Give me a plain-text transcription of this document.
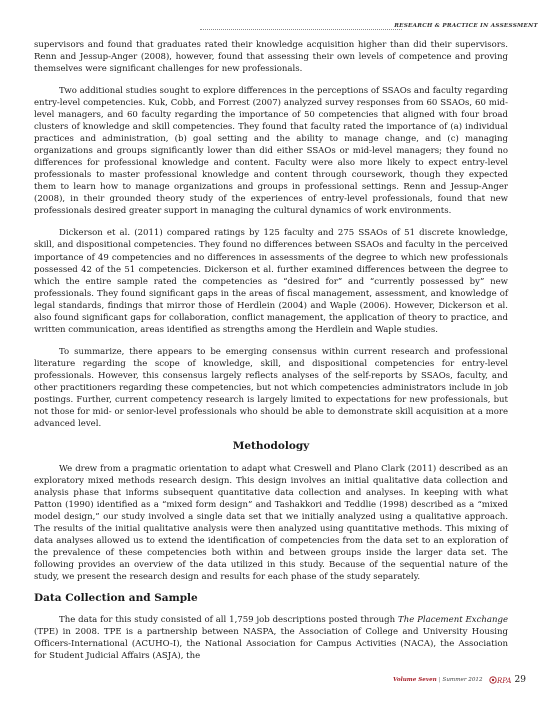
RESEARCH & PRACTICE IN ASSESSMENT

supervisors and found that graduates rated their knowledge acquisition higher than did their supervisors. Renn and Jessup-Anger (2008), however, found that assessing their own levels of competence and proving themselves were significant challenges for new professionals.

Two additional studies sought to explore differences in the perceptions of SSAOs and faculty regarding entry-level competencies. Kuk, Cobb, and Forrest (2007) analyzed survey responses from 60 SSAOs, 60 mid-level managers, and 60 faculty regarding the importance of 50 competencies that aligned with four broad clusters of knowledge and skill competencies. They found that faculty rated the importance of (a) individual practices and administration, (b) goal setting and the ability to manage change, and (c) managing organizations and groups significantly lower than did either SSAOs or mid-level managers; they found no differences for professional knowledge and content. Faculty were also more likely to expect entry-level professionals to master professional knowledge and content through coursework, though they expected them to learn how to manage organizations and groups in professional settings. Renn and Jessup-Anger (2008), in their grounded theory study of the experiences of entry-level professionals, found that new professionals desired greater support in managing the cultural dynamics of work environments.

Dickerson et al. (2011) compared ratings by 125 faculty and 275 SSAOs of 51 discrete knowledge, skill, and dispositional competencies. They found no differences between SSAOs and faculty in the perceived importance of 49 competencies and no differences in assessments of the degree to which new professionals possessed 42 of the 51 competencies. Dickerson et al. further examined differences between the degree to which the entire sample rated the competencies as “desired for” and “currently possessed by” new professionals. They found significant gaps in the areas of fiscal management, assessment, and knowledge of legal standards, findings that mirror those of Herdlein (2004) and Waple (2006). However, Dickerson et al. also found significant gaps for collaboration, conflict management, the application of theory to practice, and written communication, areas identified as strengths among the Herdlein and Waple studies.

To summarize, there appears to be emerging consensus within current research and professional literature regarding the scope of knowledge, skill, and dispositional competencies for entry-level professionals. However, this consensus largely reflects analyses of the self-reports by SSAOs, faculty, and other practitioners regarding these competencies, but not which competencies administrators include in job postings. Further, current competency research is largely limited to expectations for new professionals, but not those for mid- or senior-level professionals who should be able to demonstrate skill acquisition at a more advanced level.

Methodology

We drew from a pragmatic orientation to adapt what Creswell and Plano Clark (2011) described as an exploratory mixed methods research design. This design involves an initial qualitative data collection and analysis phase that informs subsequent quantitative data collection and analyses. In keeping with what Patton (1990) identified as a “mixed form design” and Tashakkori and Teddlie (1998) described as a “mixed model design,” our study involved a single data set that we initially analyzed using a qualitative approach. The results of the initial qualitative analysis were then analyzed using quantitative methods. This mixing of data analyses allowed us to extend the identification of competencies from the data set to an exploration of the prevalence of these competencies both within and between groups inside the larger data set. The following provides an overview of the data utilized in this study. Because of the sequential nature of the study, we present the research design and results for each phase of the study separately.

Data Collection and Sample

The data for this study consisted of all 1,759 job descriptions posted through The Placement Exchange (TPE) in 2008. TPE is a partnership between NASPA, the Association of College and University Housing Officers-International (ACUHO-I), the National Association for Campus Activities (NACA), the Association for Student Judicial Affairs (ASJA), the

Volume Seven | Summer 2012 RPA 29
